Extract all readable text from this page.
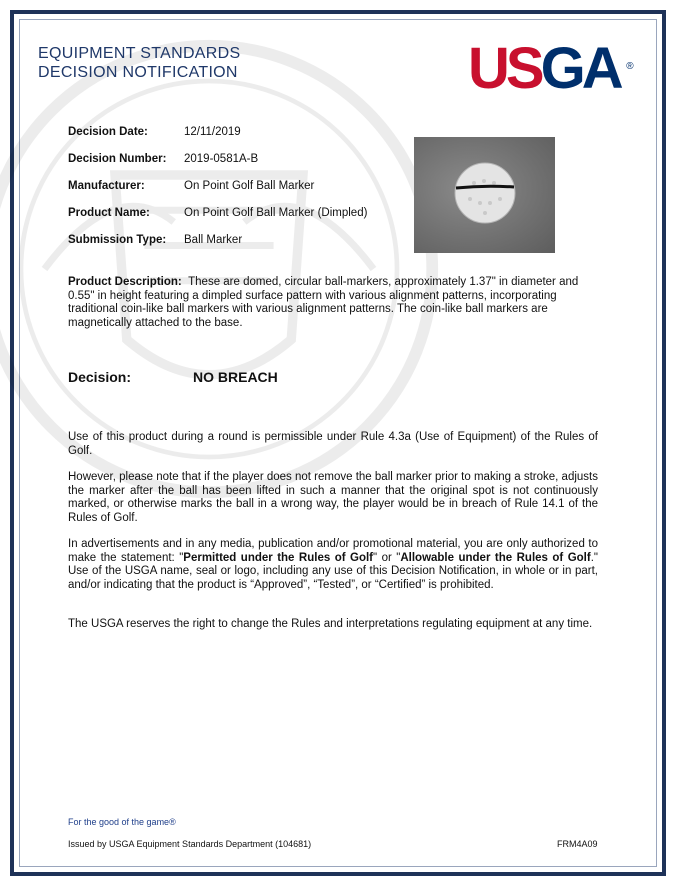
EQUIPMENT STANDARDS
DECISION NOTIFICATION	USGA ®
Decision Date:	12/11/2019
Decision Number: 2019-0581A-B
Manufacturer:	On Point Golf Ball Marker
Product Name:	On Point Golf Ball Marker (Dimpled)
Submission Type: Ball Marker
Product Description: These are domed, circular ball-markers, approximately 1.37" in diameter and 0.55" in height featuring a dimpled surface pattern with various alignment patterns, incorporating traditional coin-like ball markers with various alignment patterns. The coin-like ball markers are magnetically attached to the base.
Decision:	NO BREACH
Use of this product during a round is permissible under Rule 4.3a (Use of Equipment) of the Rules of Golf.
However, please note that if the player does not remove the ball marker prior to making a stroke, adjusts the marker after the ball has been lifted in such a manner that the original spot is not continuously marked, or otherwise marks the ball in a wrong way, the player would be in breach of Rule 14.1 of the Rules of Golf.
In advertisements and in any media, publication and/or promotional material, you are only authorized to make the statement: "Permitted under the Rules of Golf" or "Allowable under the Rules of Golf." Use of the USGA name, seal or logo, including any use of this Decision Notification, in whole or in part, and/or indicating that the product is “Approved”, “Tested”, or “Certified” is prohibited.
The USGA reserves the right to change the Rules and interpretations regulating equipment at any time.
For the good of the game®
Issued by USGA Equipment Standards Department (104681)	FRM4A09
